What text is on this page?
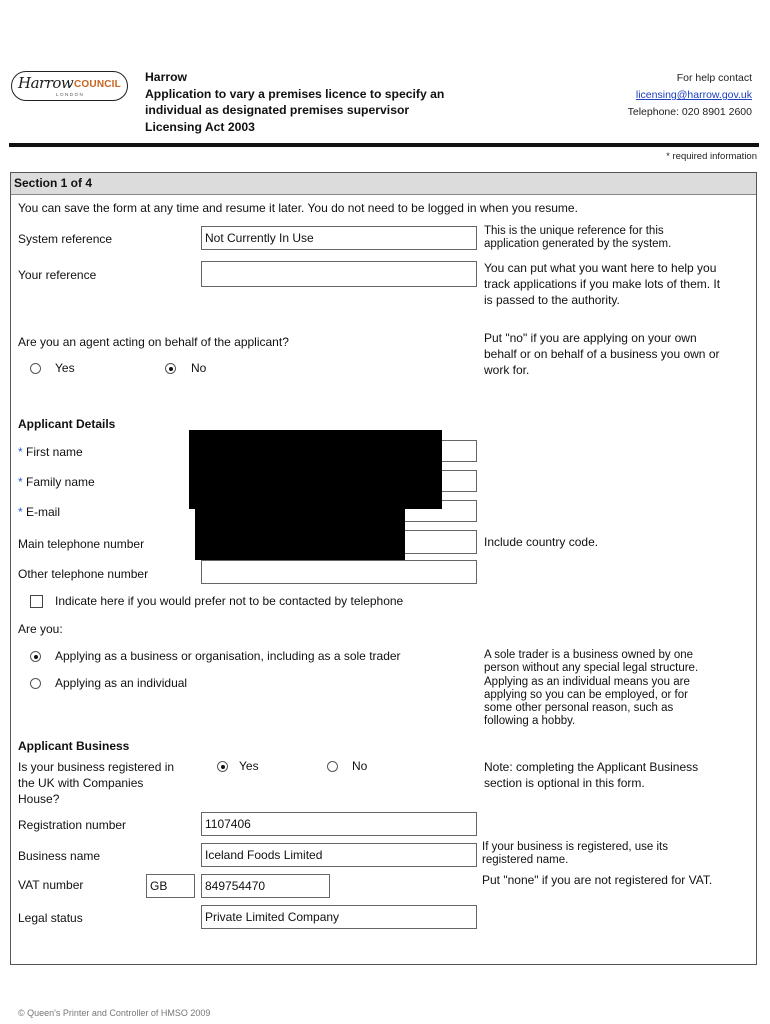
Harrow COUNCIL
LONDON
Harrow
Application to vary a premises licence to specify an
individual as designated premises supervisor
Licensing Act 2003
For help contact
licensing@harrow.gov.uk
Telephone: 020 8901 2600
* required information
Section 1 of 4
You can save the form at any time and resume it later. You do not need to be logged in when you resume.
System reference	Not Currently In Use	This is the unique reference for this
application generated by the system.
Your reference	You can put what you want here to help you
track applications if you make lots of them. It
is passed to the authority.
Are you an agent acting on behalf of the applicant?
Yes	No
Put "no" if you are applying on your own
behalf or on behalf of a business you own or
work for.
Applicant Details
* First name
* Family name
* E-mail
Main telephone number	Include country code.
Other telephone number
Indicate here if you would prefer not to be contacted by telephone
Are you:
Applying as a business or organisation, including as a sole trader
Applying as an individual
A sole trader is a business owned by one
person without any special legal structure.
Applying as an individual means you are
applying so you can be employed, or for
some other personal reason, such as
following a hobby.
Applicant Business
Is your business registered in
the UK with Companies
House?
Yes	No	Note: completing the Applicant Business
section is optional in this form.
Registration number	1107406
Business name	Iceland Foods Limited
If your business is registered, use its
registered name.
VAT number	GB	849754470	Put "none" if you are not registered for VAT.
Legal status	Private Limited Company
© Queen's Printer and Controller of HMSO 2009
